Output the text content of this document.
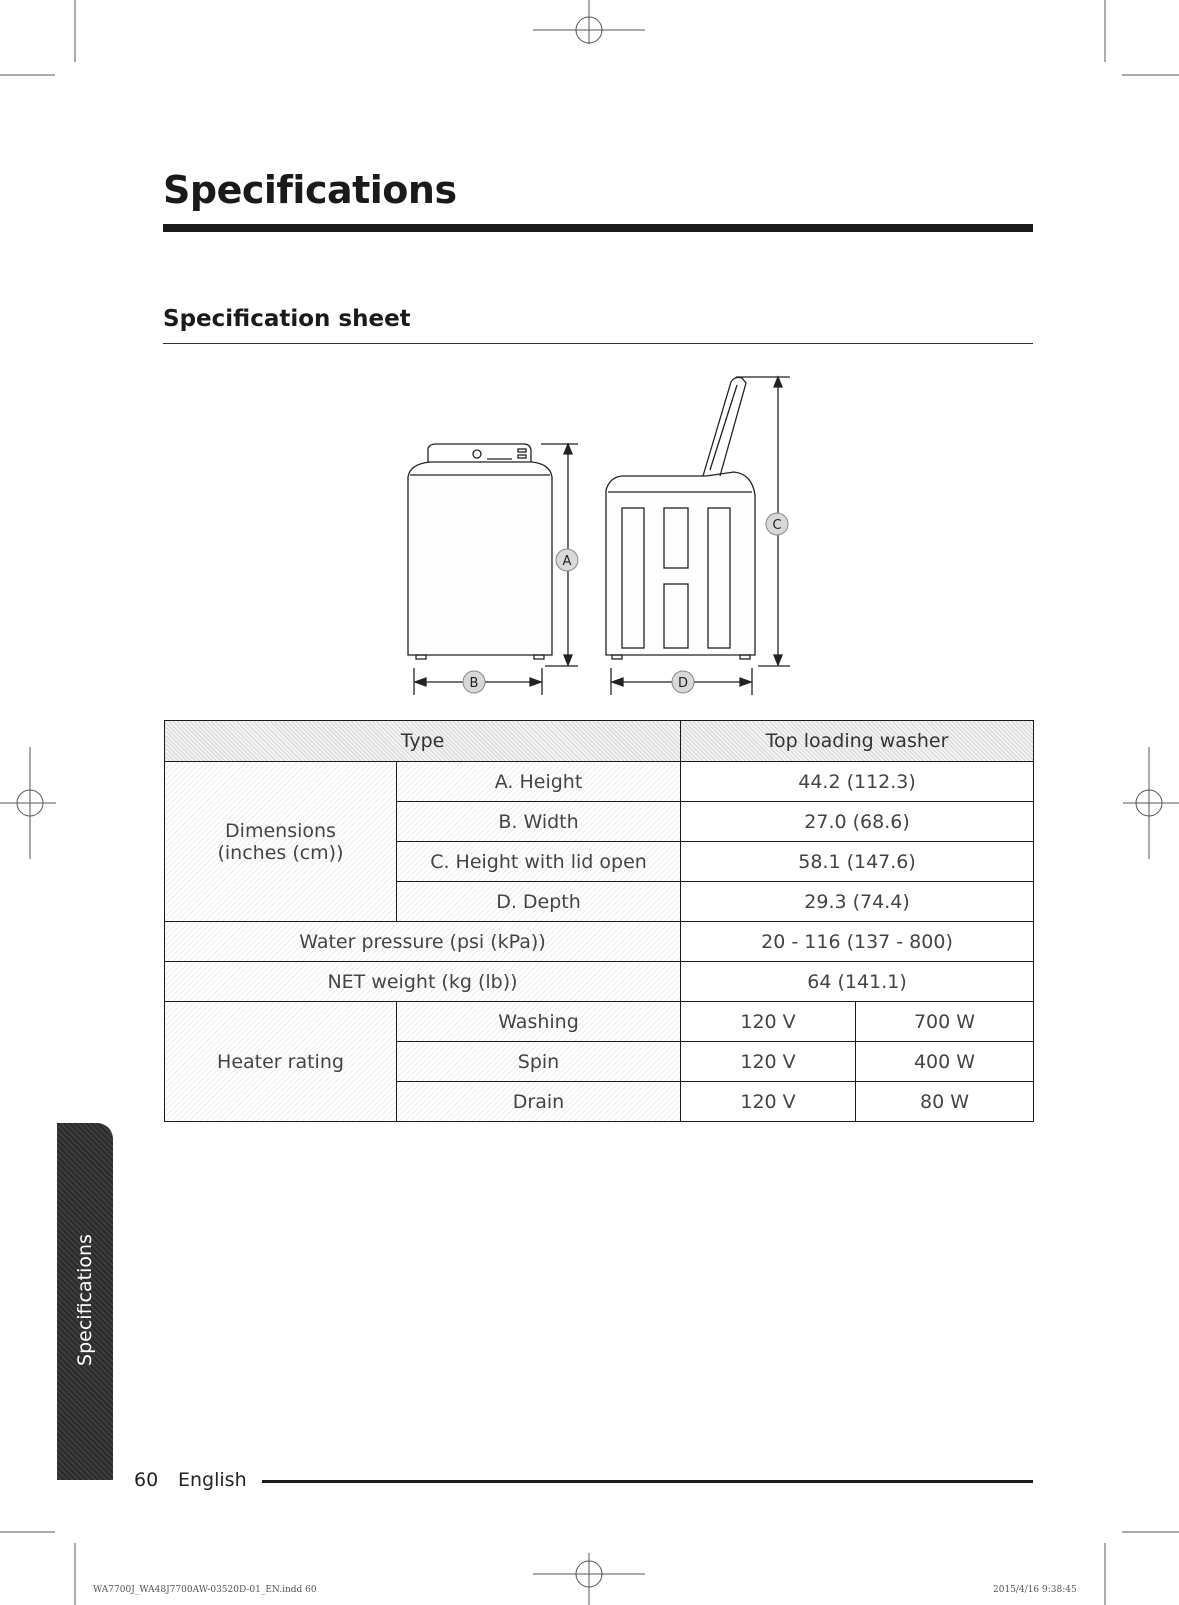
Specifications
Specification sheet
A
B
C
D
Type		Top loading washer	
Dimensions
(inches (cm))	A. Height	44.2 (112.3)	
	B. Width	27.0 (68.6)	
	C. Height with lid open	58.1 (147.6)	
	D. Depth	29.3 (74.4)	
Water pressure (psi (kPa))		20 - 116 (137 - 800)	
NET weight (kg (lb))		64 (141.1)	
Heater rating	Washing	120 V	700 W
	Spin	120 V	400 W
	Drain	120 V	80 W
Specifications
60 English
WA7700J_WA48J7700AW-03520D-01_EN.indd 60	2015/4/16 9:38:45
